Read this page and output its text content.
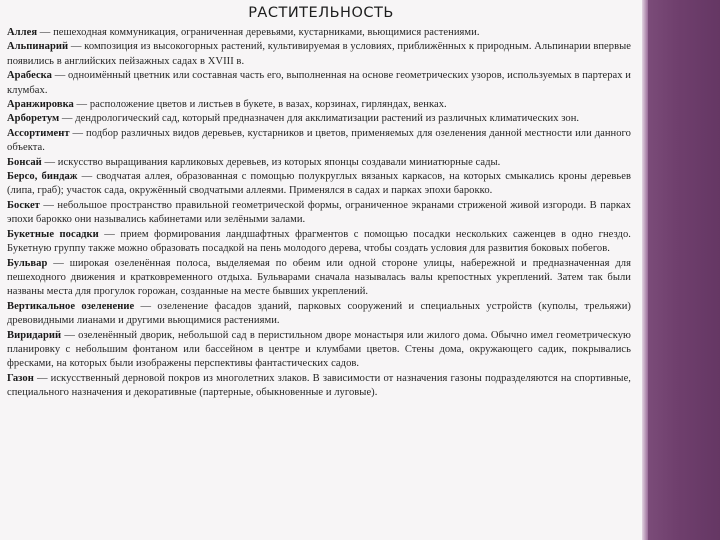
РАСТИТЕЛЬНОСТЬ
Аллея — пешеходная коммуникация, ограниченная деревьями, кустарниками, вьющимися растениями.
Альпинарий — композиция из высокогорных растений, культивируемая в условиях, приближённых к природным. Альпинарии впервые появились в английских пейзажных садах в XVIII в.
Арабеска — одноимённый цветник или составная часть его, выполненная на основе геометрических узоров, используемых в партерах и клумбах.
Аранжировка — расположение цветов и листьев в букете, в вазах, корзинах, гирляндах, венках.
Арборетум — дендрологический сад, который предназначен для акклиматизации растений из различных климатических зон.
Ассортимент — подбор различных видов деревьев, кустарников и цветов, применяемых для озеленения данной местности или данного объекта.
Бонсай — искусство выращивания карликовых деревьев, из которых японцы создавали миниатюрные сады.
Берсо, биндаж — сводчатая аллея, образованная с помощью полукруглых вязаных каркасов, на которых смыкались кроны деревьев (липа, граб); участок сада, окружённый сводчатыми аллеями. Применялся в садах и парках эпохи барокко.
Боскет — небольшое пространство правильной геометрической формы, ограниченное экранами стриженой живой изгороди. В парках эпохи барокко они назывались кабинетами или зелёными залами.
Букетные посадки — прием формирования ландшафтных фрагментов с помощью посадки нескольких саженцев в одно гнездо. Букетную группу также можно образовать посадкой на пень молодого дерева, чтобы создать условия для развития боковых побегов.
Бульвар — широкая озеленённая полоса, выделяемая по обеим или одной стороне улицы, набережной и предназначенная для пешеходного движения и кратковременного отдыха. Бульварами сначала называлась валы крепостных укреплений. Затем так были названы места для прогулок горожан, созданные на месте бывших укреплений.
Вертикальное озеленение — озеленение фасадов зданий, парковых сооружений и специальных устройств (куполы, трельяжи) древовидными лианами и другими вьющимися растениями.
Виридарий — озеленённый дворик, небольшой сад в перистильном дворе монастыря или жилого дома. Обычно имел геометрическую планировку с небольшим фонтаном или бассейном в центре и клумбами цветов. Стены дома, окружающего садик, покрывались фресками, на которых были изображены перспективы фантастических садов.
Газон — искусственный дерновой покров из многолетних злаков. В зависимости от назначения газоны подразделяются на спортивные, специального назначения и декоративные (партерные, обыкновенные и луговые).
